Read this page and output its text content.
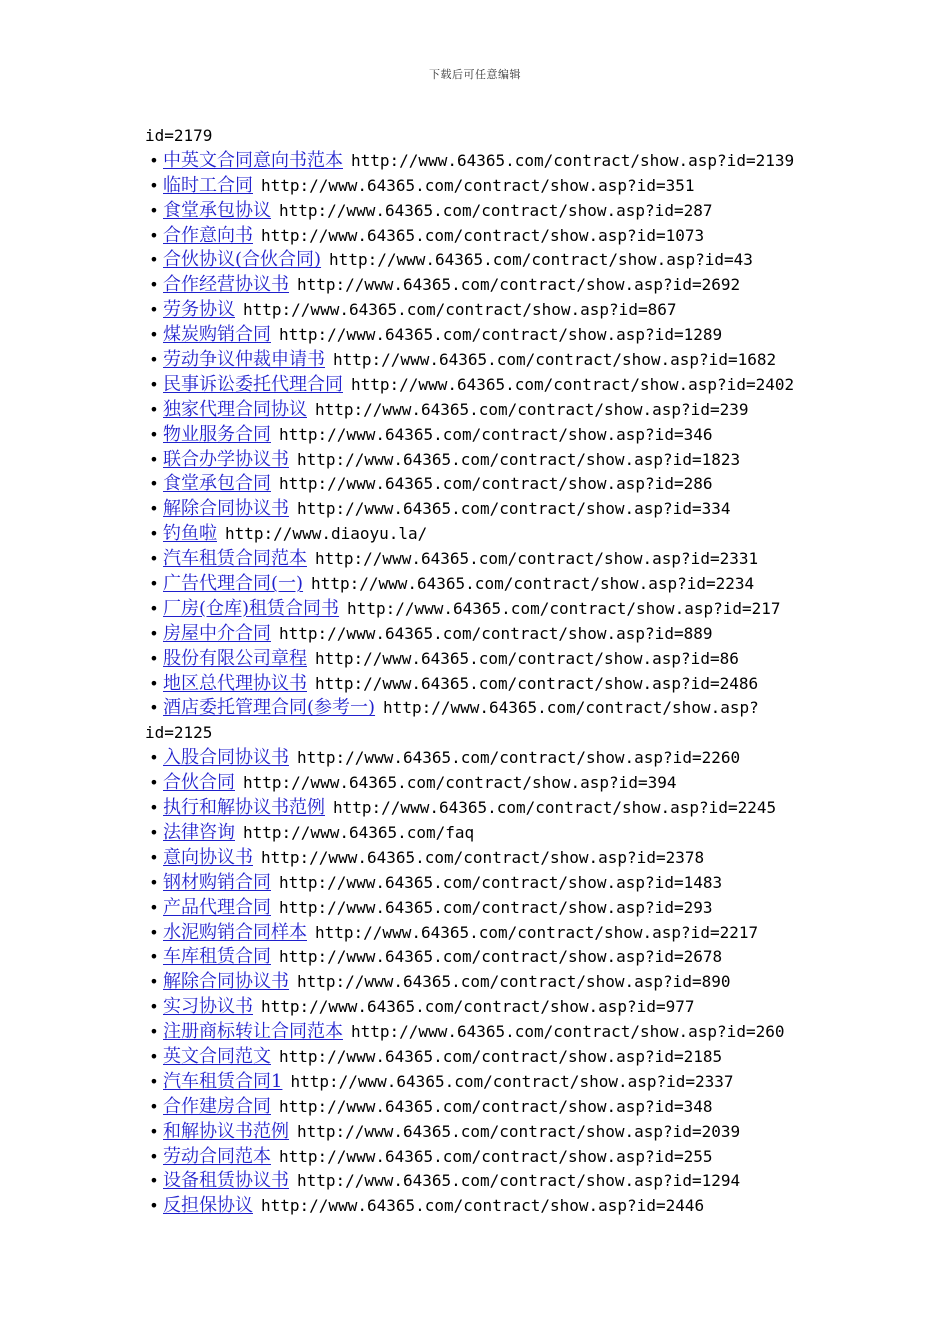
下载后可任意编辑
id=2179
• 中英文合同意向书范本 http://www.64365.com/contract/show.asp?id=2139
• 临时工合同 http://www.64365.com/contract/show.asp?id=351
• 食堂承包协议 http://www.64365.com/contract/show.asp?id=287
• 合作意向书 http://www.64365.com/contract/show.asp?id=1073
• 合伙协议(合伙合同) http://www.64365.com/contract/show.asp?id=43
• 合作经营协议书 http://www.64365.com/contract/show.asp?id=2692
• 劳务协议 http://www.64365.com/contract/show.asp?id=867
• 煤炭购销合同 http://www.64365.com/contract/show.asp?id=1289
• 劳动争议仲裁申请书 http://www.64365.com/contract/show.asp?id=1682
• 民事诉讼委托代理合同 http://www.64365.com/contract/show.asp?id=2402
• 独家代理合同协议 http://www.64365.com/contract/show.asp?id=239
• 物业服务合同 http://www.64365.com/contract/show.asp?id=346
• 联合办学协议书 http://www.64365.com/contract/show.asp?id=1823
• 食堂承包合同 http://www.64365.com/contract/show.asp?id=286
• 解除合同协议书 http://www.64365.com/contract/show.asp?id=334
• 钓鱼啦 http://www.diaoyu.la/
• 汽车租赁合同范本 http://www.64365.com/contract/show.asp?id=2331
• 广告代理合同(一) http://www.64365.com/contract/show.asp?id=2234
• 厂房(仓库)租赁合同书 http://www.64365.com/contract/show.asp?id=217
• 房屋中介合同 http://www.64365.com/contract/show.asp?id=889
• 股份有限公司章程 http://www.64365.com/contract/show.asp?id=86
• 地区总代理协议书 http://www.64365.com/contract/show.asp?id=2486
• 酒店委托管理合同(参考一) http://www.64365.com/contract/show.asp?
id=2125
• 入股合同协议书 http://www.64365.com/contract/show.asp?id=2260
• 合伙合同 http://www.64365.com/contract/show.asp?id=394
• 执行和解协议书范例 http://www.64365.com/contract/show.asp?id=2245
• 法律咨询 http://www.64365.com/faq
• 意向协议书 http://www.64365.com/contract/show.asp?id=2378
• 钢材购销合同 http://www.64365.com/contract/show.asp?id=1483
• 产品代理合同 http://www.64365.com/contract/show.asp?id=293
• 水泥购销合同样本 http://www.64365.com/contract/show.asp?id=2217
• 车库租赁合同 http://www.64365.com/contract/show.asp?id=2678
• 解除合同协议书 http://www.64365.com/contract/show.asp?id=890
• 实习协议书 http://www.64365.com/contract/show.asp?id=977
• 注册商标转让合同范本 http://www.64365.com/contract/show.asp?id=260
• 英文合同范文 http://www.64365.com/contract/show.asp?id=2185
• 汽车租赁合同1 http://www.64365.com/contract/show.asp?id=2337
• 合作建房合同 http://www.64365.com/contract/show.asp?id=348
• 和解协议书范例 http://www.64365.com/contract/show.asp?id=2039
• 劳动合同范本 http://www.64365.com/contract/show.asp?id=255
• 设备租赁协议书 http://www.64365.com/contract/show.asp?id=1294
• 反担保协议 http://www.64365.com/contract/show.asp?id=2446
